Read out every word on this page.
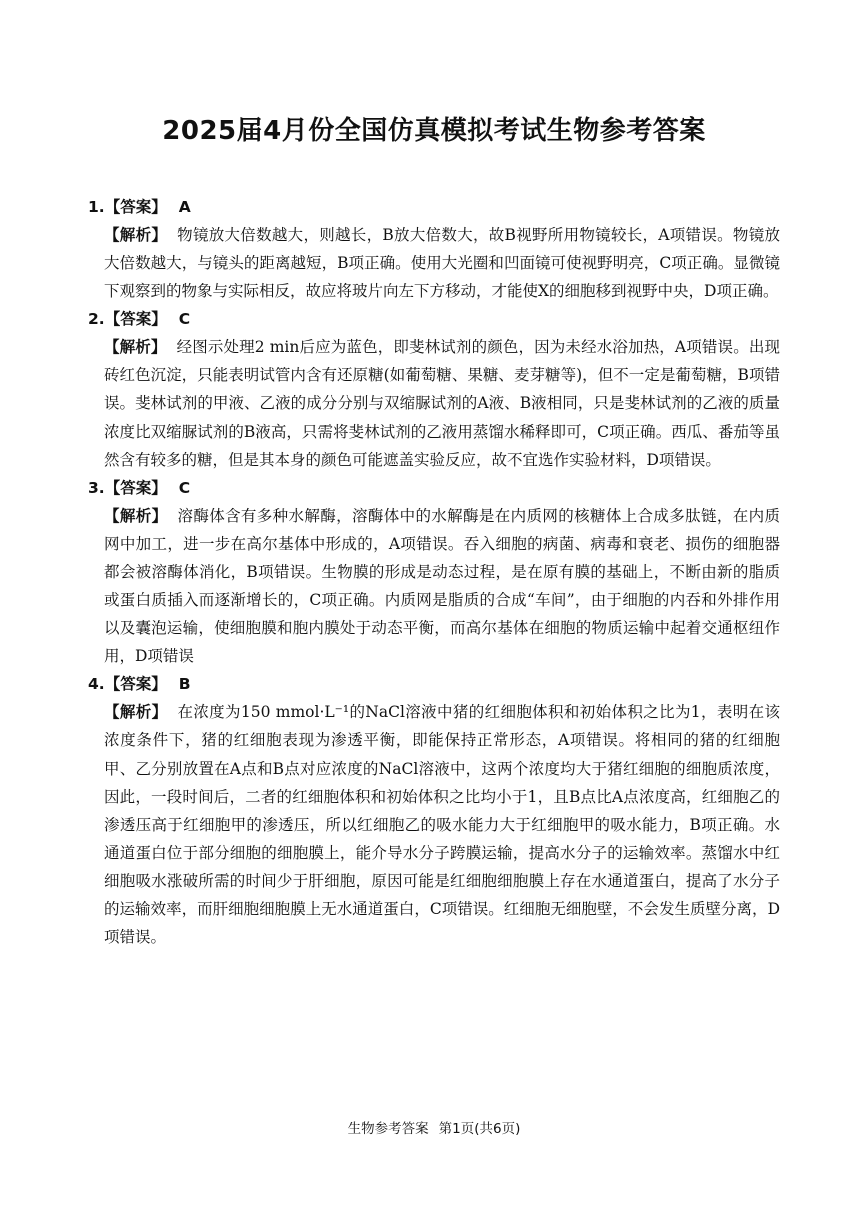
2025届4月份全国仿真模拟考试生物参考答案
1.【答案】 A
【解析】 物镜放大倍数越大，则越长，B放大倍数大，故B视野所用物镜较长，A项错误。物镜放大倍数越大，与镜头的距离越短，B项正确。使用大光圈和凹面镜可使视野明亮，C项正确。显微镜下观察到的物象与实际相反，故应将玻片向左下方移动，才能使X的细胞移到视野中央，D项正确。
2.【答案】 C
【解析】 经图示处理2 min后应为蓝色，即斐林试剂的颜色，因为未经水浴加热，A项错误。出现砖红色沉淀，只能表明试管内含有还原糖(如葡萄糖、果糖、麦芽糖等)，但不一定是葡萄糖，B项错误。斐林试剂的甲液、乙液的成分分别与双缩脲试剂的A液、B液相同，只是斐林试剂的乙液的质量浓度比双缩脲试剂的B液高，只需将斐林试剂的乙液用蒸馏水稀释即可，C项正确。西瓜、番茄等虽然含有较多的糖，但是其本身的颜色可能遮盖实验反应，故不宜选作实验材料，D项错误。
3.【答案】 C
【解析】 溶酶体含有多种水解酶，溶酶体中的水解酶是在内质网的核糖体上合成多肽链，在内质网中加工，进一步在高尔基体中形成的，A项错误。吞入细胞的病菌、病毒和衰老、损伤的细胞器都会被溶酶体消化，B项错误。生物膜的形成是动态过程，是在原有膜的基础上，不断由新的脂质或蛋白质插入而逐渐增长的，C项正确。内质网是脂质的合成“车间”，由于细胞的内吞和外排作用以及囊泡运输，使细胞膜和胞内膜处于动态平衡，而高尔基体在细胞的物质运输中起着交通枢纽作用，D项错误
4.【答案】 B
【解析】 在浓度为150 mmol·L⁻¹的NaCl溶液中猪的红细胞体积和初始体积之比为1，表明在该浓度条件下，猪的红细胞表现为渗透平衡，即能保持正常形态，A项错误。将相同的猪的红细胞甲、乙分别放置在A点和B点对应浓度的NaCl溶液中，这两个浓度均大于猪红细胞的细胞质浓度，因此，一段时间后，二者的红细胞体积和初始体积之比均小于1，且B点比A点浓度高，红细胞乙的渗透压高于红细胞甲的渗透压，所以红细胞乙的吸水能力大于红细胞甲的吸水能力，B项正确。水通道蛋白位于部分细胞的细胞膜上，能介导水分子跨膜运输，提高水分子的运输效率。蒸馏水中红细胞吸水涨破所需的时间少于肝细胞，原因可能是红细胞细胞膜上存在水通道蛋白，提高了水分子的运输效率，而肝细胞细胞膜上无水通道蛋白，C项错误。红细胞无细胞壁，不会发生质壁分离，D项错误。
生物参考答案 第1页(共6页)
